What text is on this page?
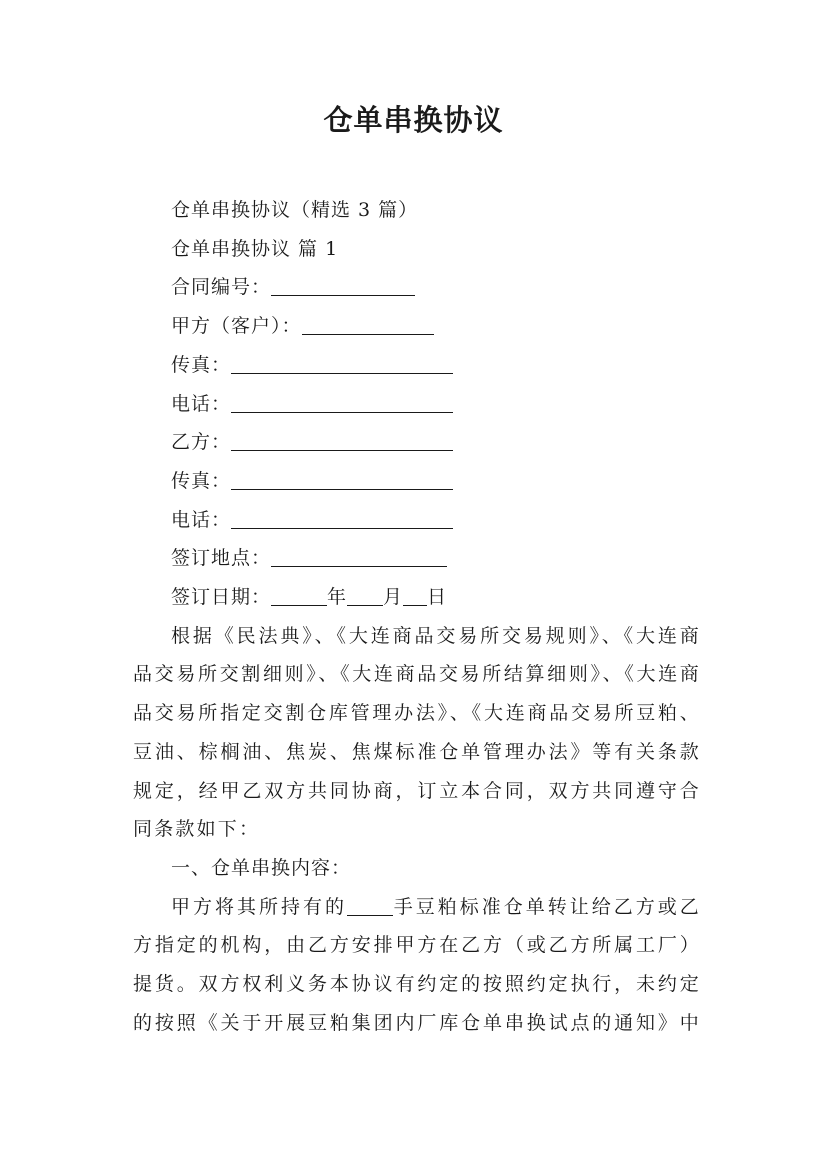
仓单串换协议

仓单串换协议（精选 3 篇）

仓单串换协议 篇 1

合同编号：

甲方（客户）：

传真：

电话：

乙方：

传真：

电话：

签订地点：

签订日期：	年 月 日

根据《民法典》、《大连商品交易所交易规则》、《大连商品交易所交割细则》、《大连商品交易所结算细则》、《大连商品交易所指定交割仓库管理办法》、《大连商品交易所豆粕、豆油、棕榈油、焦炭、焦煤标准仓单管理办法》等有关条款规定，经甲乙双方共同协商，订立本合同，双方共同遵守合同条款如下：

一、仓单串换内容：

甲方将其所持有的 手豆粕标准仓单转让给乙方或乙方指定的机构，由乙方安排甲方在乙方（或乙方所属工厂）提货。双方权利义务本协议有约定的按照约定执行，未约定的按照《关于开展豆粕集团内厂库仓单串换试点的通知》中
